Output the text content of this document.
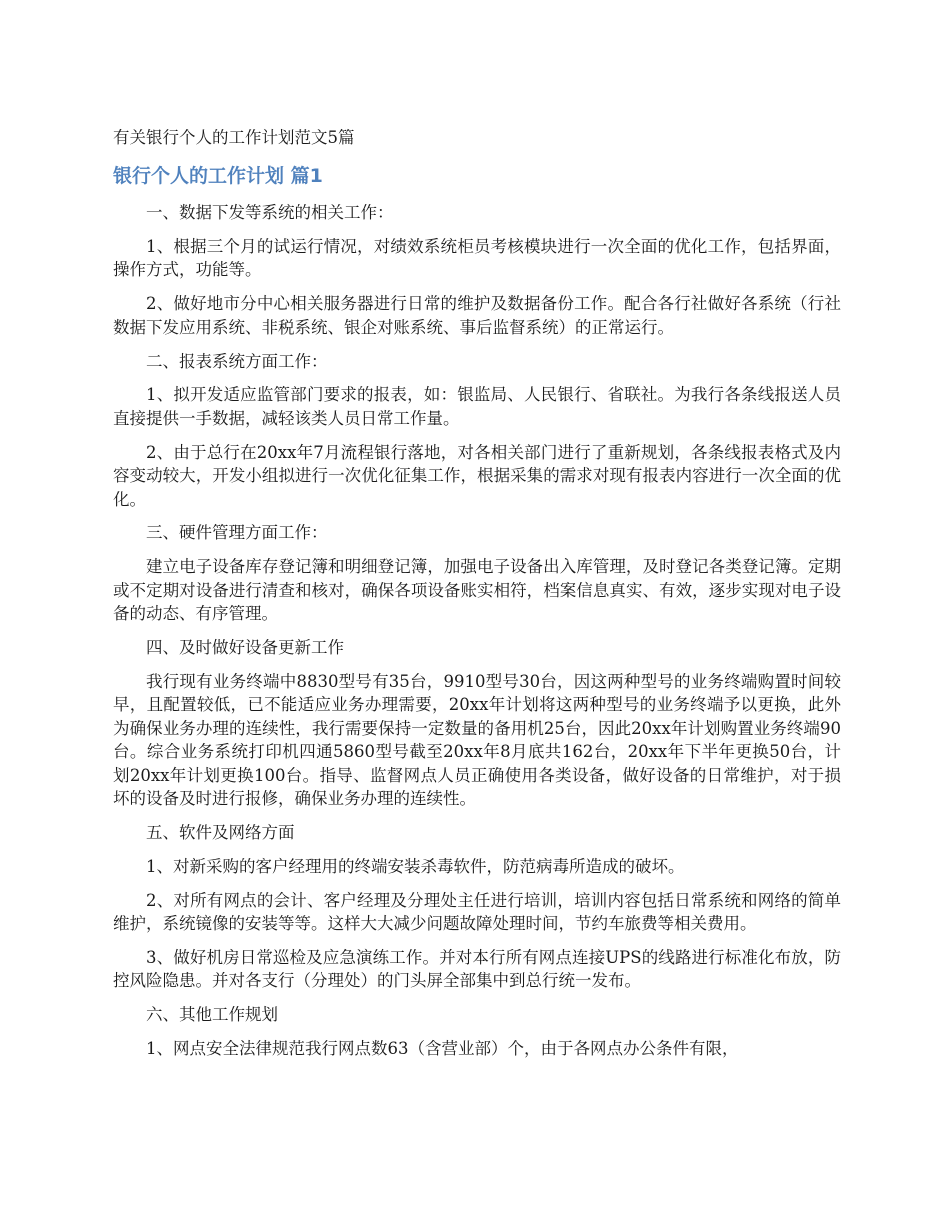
有关银行个人的工作计划范文5篇
银行个人的工作计划 篇1

一、数据下发等系统的相关工作：

1、根据三个月的试运行情况，对绩效系统柜员考核模块进行一次全面的优化工作，包括界面，操作方式，功能等。

2、做好地市分中心相关服务器进行日常的维护及数据备份工作。配合各行社做好各系统（行社数据下发应用系统、非税系统、银企对账系统、事后监督系统）的正常运行。

二、报表系统方面工作：

1、拟开发适应监管部门要求的报表，如：银监局、人民银行、省联社。为我行各条线报送人员直接提供一手数据，减轻该类人员日常工作量。

2、由于总行在20xx年7月流程银行落地，对各相关部门进行了重新规划，各条线报表格式及内容变动较大，开发小组拟进行一次优化征集工作，根据采集的需求对现有报表内容进行一次全面的优化。

三、硬件管理方面工作：

建立电子设备库存登记簿和明细登记簿，加强电子设备出入库管理，及时登记各类登记簿。定期或不定期对设备进行清查和核对，确保各项设备账实相符，档案信息真实、有效，逐步实现对电子设备的动态、有序管理。

四、及时做好设备更新工作

我行现有业务终端中8830型号有35台，9910型号30台，因这两种型号的业务终端购置时间较早，且配置较低，已不能适应业务办理需要，20xx年计划将这两种型号的业务终端予以更换，此外为确保业务办理的连续性，我行需要保持一定数量的备用机25台，因此20xx年计划购置业务终端90台。综合业务系统打印机四通5860型号截至20xx年8月底共162台，20xx年下半年更换50台，计划20xx年计划更换100台。指导、监督网点人员正确使用各类设备，做好设备的日常维护，对于损坏的设备及时进行报修，确保业务办理的连续性。

五、软件及网络方面

1、对新采购的客户经理用的终端安装杀毒软件，防范病毒所造成的破坏。

2、对所有网点的会计、客户经理及分理处主任进行培训，培训内容包括日常系统和网络的简单维护，系统镜像的安装等等。这样大大减少问题故障处理时间，节约车旅费等相关费用。

3、做好机房日常巡检及应急演练工作。并对本行所有网点连接UPS的线路进行标准化布放，防控风险隐患。并对各支行（分理处）的门头屏全部集中到总行统一发布。

六、其他工作规划

1、网点安全法律规范我行网点数63（含营业部）个，由于各网点办公条件有限，
